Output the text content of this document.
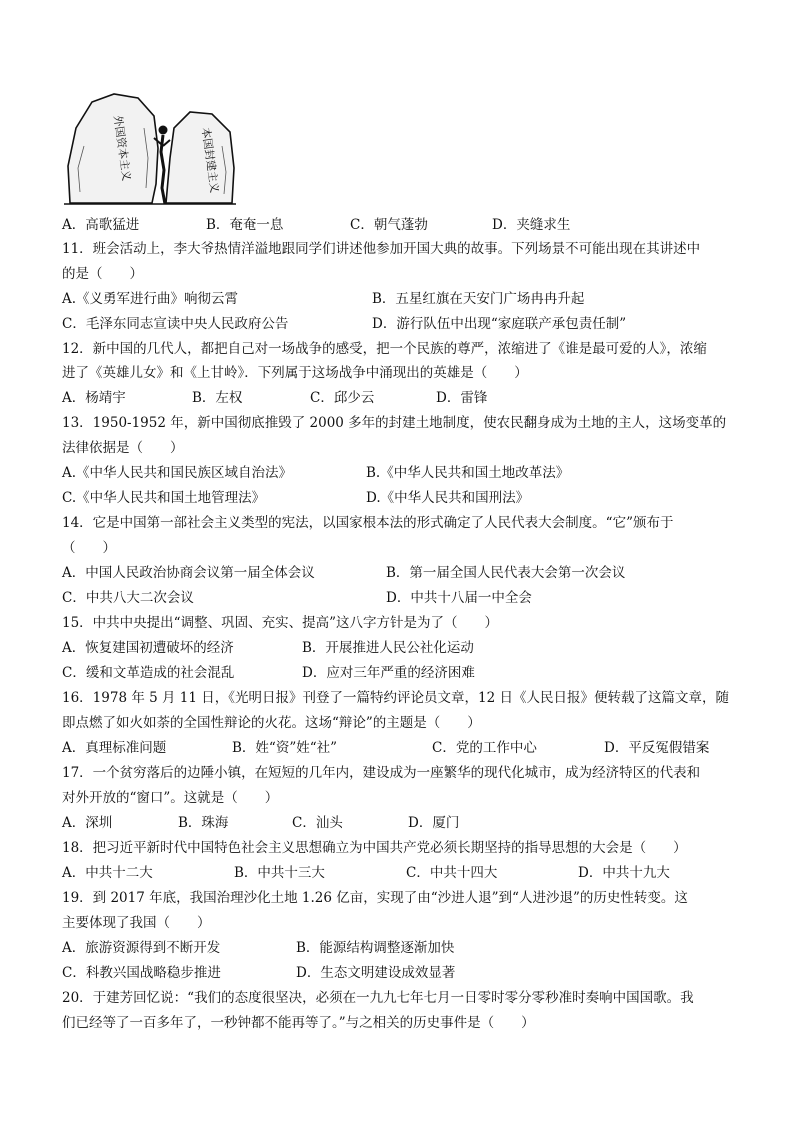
外国资本主义	本国封建主义
A．高歌猛进	B．奄奄一息	C．朝气蓬勃	D．夹缝求生
11．班会活动上，李大爷热情洋溢地跟同学们讲述他参加开国大典的故事。下列场景不可能出现在其讲述中
的是（　　）
A.《义勇军进行曲》响彻云霄	B．五星红旗在天安门广场冉冉升起
C．毛泽东同志宣读中央人民政府公告	D．游行队伍中出现“家庭联产承包责任制”
12．新中国的几代人，都把自己对一场战争的感受，把一个民族的尊严，浓缩进了《谁是最可爱的人》，浓缩
进了《英雄儿女》和《上甘岭》．下列属于这场战争中涌现出的英雄是（　　）
A．杨靖宇	B．左权	C．邱少云	D．雷锋
13．1950-1952 年，新中国彻底推毁了 2000 多年的封建土地制度，使农民翻身成为土地的主人，这场变革的
法律依据是（　　）
A.《中华人民共和国民族区域自治法》	B.《中华人民共和国土地改革法》
C.《中华人民共和国土地管理法》	D.《中华人民共和国刑法》
14．它是中国第一部社会主义类型的宪法，以国家根本法的形式确定了人民代表大会制度。“它”颁布于
（　　）
A．中国人民政治协商会议第一届全体会议	B．第一届全国人民代表大会第一次会议
C．中共八大二次会议	D．中共十八届一中全会
15．中共中央提出“调整、巩固、充实、提高”这八字方针是为了（　　）
A．恢复建国初遭破坏的经济	B．开展推进人民公社化运动
C．缓和文革造成的社会混乱	D．应对三年严重的经济困难
16．1978 年 5 月 11 日，《光明日报》刊登了一篇特约评论员文章，12 日《人民日报》便转载了这篇文章，随
即点燃了如火如荼的全国性辩论的火花。这场“辩论”的主题是（　　）
A．真理标准问题	B．姓“资”姓“社”	C．党的工作中心	D．平反冤假错案
17．一个贫穷落后的边陲小镇，在短短的几年内，建设成为一座繁华的现代化城市，成为经济特区的代表和
对外开放的“窗口”。这就是（　　）
A．深圳	B．珠海	C．汕头	D．厦门
18．把习近平新时代中国特色社会主义思想确立为中国共产党必须长期坚持的指导思想的大会是（　　）
A．中共十二大	B．中共十三大	C．中共十四大	D．中共十九大
19．到 2017 年底，我国治理沙化土地 1.26 亿亩，实现了由“沙进人退”到“人进沙退”的历史性转变。这
主要体现了我国（　　）
A．旅游资源得到不断开发	B．能源结构调整逐渐加快
C．科教兴国战略稳步推进	D．生态文明建设成效显著
20．于建芳回忆说：“我们的态度很坚决，必须在一九九七年七月一日零时零分零秒准时奏响中国国歌。我
们已经等了一百多年了，一秒钟都不能再等了。”与之相关的历史事件是（　　）
